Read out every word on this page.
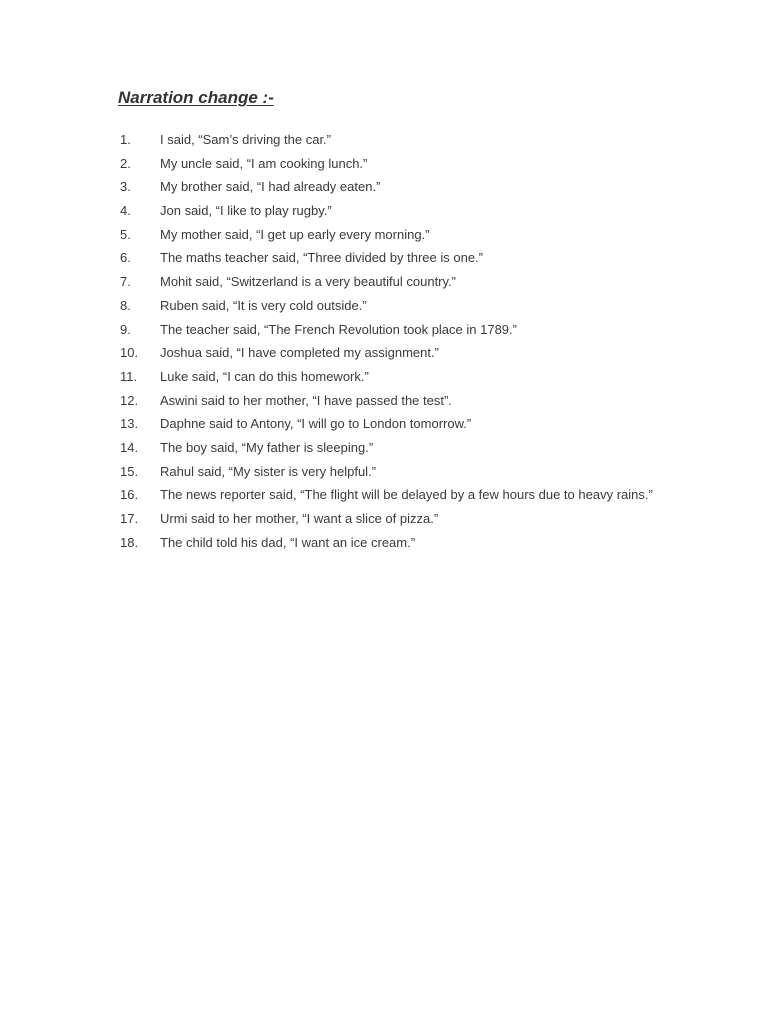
Narration change :-
1.	I said, “Sam’s driving the car.”
2.	My uncle said, “I am cooking lunch.”
3.	My brother said, “I had already eaten.”
4.	Jon said, “I like to play rugby.”
5.	My mother said, “I get up early every morning.”
6.	The maths teacher said, “Three divided by three is one.”
7.	Mohit said, “Switzerland is a very beautiful country.”
8.	Ruben said, “It is very cold outside.”
9.	The teacher said, “The French Revolution took place in 1789.”
10.	Joshua said, “I have completed my assignment.”
11.	Luke said, “I can do this homework.”
12.	Aswini said to her mother, “I have passed the test”.
13.	Daphne said to Antony, “I will go to London tomorrow.”
14.	The boy said, “My father is sleeping.”
15.	Rahul said, “My sister is very helpful.”
16.	The news reporter said, “The flight will be delayed by a few hours due to heavy rains.”
17.	Urmi said to her mother, “I want a slice of pizza.”
18.	The child told his dad, “I want an ice cream.”
